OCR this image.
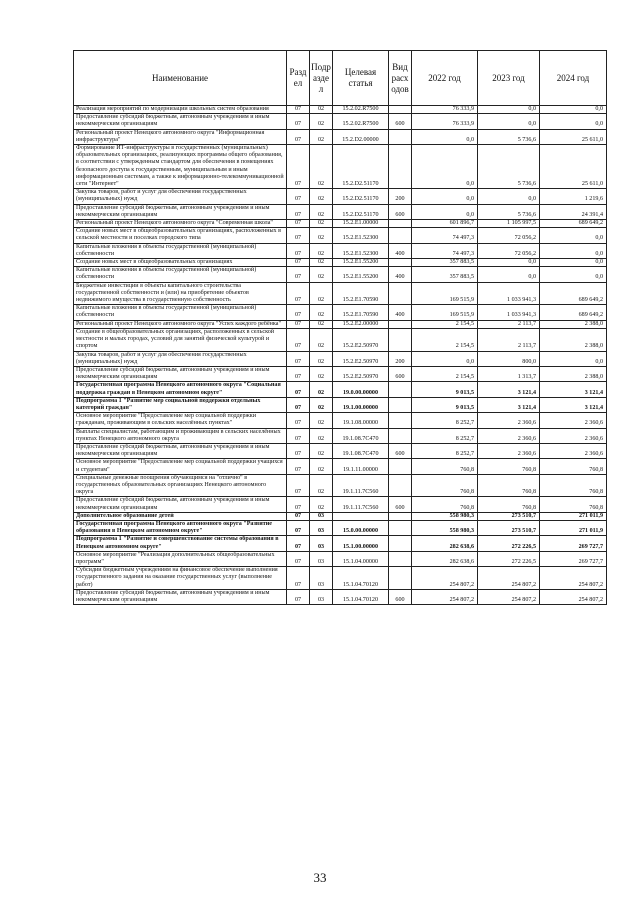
Наименование	Разд ел	Подр азде л	Целевая статья	Вид расх одов	2022 год	2023 год	2024 год
Реализация мероприятий по модернизации школьных систем образования	07	02	15.2.02.R7500		76 333,9	0,0	0,0
Предоставление субсидий бюджетным, автономным учреждениям и иным некоммерческим организациям	07	02	15.2.02.R7500	600	76 333,9	0,0	0,0
Региональный проект Ненецкого автономного округа "Информационная инфраструктура"	07	02	15.2.D2.00000		0,0	5 736,6	25 611,0
Формирование ИТ-инфраструктуры в государственных (муниципальных) образовательных организациях, реализующих программы общего образования, в соответствии с утвержденным стандартом для обеспечения в помещениях безопасного доступа к государственным, муниципальным и иным информационным системам, а также к информационно-телекоммуникационной сети "Интернет"	07	02	15.2.D2.51170		0,0	5 736,6	25 611,0
Закупка товаров, работ и услуг для обеспечения государственных (муниципальных) нужд	07	02	15.2.D2.51170	200	0,0	0,0	1 219,6
Предоставление субсидий бюджетным, автономным учреждениям и иным некоммерческим организациям	07	02	15.2.D2.51170	600	0,0	5 736,6	24 391,4
Региональный проект Ненецкого автономного округа "Современная школа"	07	02	15.2.E1.00000		601 896,7	1 105 997,5	689 649,2
Создание новых мест в общеобразовательных организациях, расположенных в сельской местности и поселках городского типа	07	02	15.2.E1.52300		74 497,3	72 056,2	0,0
Капитальные вложения в объекты государственной (муниципальной) собственности	07	02	15.2.E1.52300	400	74 497,3	72 056,2	0,0
Создание новых мест в общеобразовательных организациях	07	02	15.2.E1.55200		357 883,5	0,0	0,0
Капитальные вложения в объекты государственной (муниципальной) собственности	07	02	15.2.E1.55200	400	357 883,5	0,0	0,0
Бюджетные инвестиции в объекты капитального строительства государственной собственности и (или) на приобретение объектов недвижимого имущества в государственную собственность	07	02	15.2.E1.70590		169 515,9	1 033 941,3	689 649,2
Капитальные вложения в объекты государственной (муниципальной) собственности	07	02	15.2.E1.70590	400	169 515,9	1 033 941,3	689 649,2
Региональный проект Ненецкого автономного округа "Успех каждого ребёнка"	07	02	15.2.E2.00000		2 154,5	2 113,7	2 388,0
Создание в общеобразовательных организациях, расположенных в сельской местности и малых городах, условий для занятий физической культурой и спортом	07	02	15.2.E2.50970		2 154,5	2 113,7	2 388,0
Закупка товаров, работ и услуг для обеспечения государственных (муниципальных) нужд	07	02	15.2.E2.50970	200	0,0	800,0	0,0
Предоставление субсидий бюджетным, автономным учреждениям и иным некоммерческим организациям	07	02	15.2.E2.50970	600	2 154,5	1 313,7	2 388,0
Государственная программа Ненецкого автономного округа "Социальная поддержка граждан в Ненецком автономном округе"	07	02	19.0.00.00000		9 013,5	3 121,4	3 121,4
Подпрограмма 1 "Развитие мер социальной поддержки отдельных категорий граждан"	07	02	19.1.00.00000		9 013,5	3 121,4	3 121,4
Основное мероприятие "Предоставление мер социальной поддержки гражданам, проживающим в сельских населённых пунктах"	07	02	19.1.08.00000		8 252,7	2 360,6	2 360,6
Выплаты специалистам, работающим и проживающим в сельских населённых пунктах Ненецкого автономного округа	07	02	19.1.08.7С470		8 252,7	2 360,6	2 360,6
Предоставление субсидий бюджетным, автономным учреждениям и иным некоммерческим организациям	07	02	19.1.08.7С470	600	8 252,7	2 360,6	2 360,6
Основное мероприятие "Предоставление мер социальной поддержки учащихся и студентам"	07	02	19.1.11.00000		760,8	760,8	760,8
Специальные денежные поощрения обучающимся на "отлично" в государственных образовательных организациях Ненецкого автономного округа	07	02	19.1.11.7С560		760,8	760,8	760,8
Предоставление субсидий бюджетным, автономным учреждениям и иным некоммерческим организациям	07	02	19.1.11.7С560	600	760,8	760,8	760,8
Дополнительное образование детей	07	03			558 980,3	273 510,7	271 011,9
Государственная программа Ненецкого автономного округа "Развитие образования в Ненецком автономном округе"	07	03	15.0.00.00000		558 980,3	273 510,7	271 011,9
Подпрограмма 1 "Развитие и совершенствование системы образования в Ненецком автономном округе"	07	03	15.1.00.00000		282 638,6	272 226,5	269 727,7
Основное мероприятие "Реализация дополнительных общеобразовательных программ"	07	03	15.1.04.00000		282 638,6	272 226,5	269 727,7
Субсидии бюджетным учреждениям на финансовое обеспечение выполнения государственного задания на оказание государственных услуг (выполнение работ)	07	03	15.1.04.70120		254 807,2	254 807,2	254 807,2
Предоставление субсидий бюджетным, автономным учреждениям и иным некоммерческим организациям	07	03	15.1.04.70120	600	254 807,2	254 807,2	254 807,2
33
